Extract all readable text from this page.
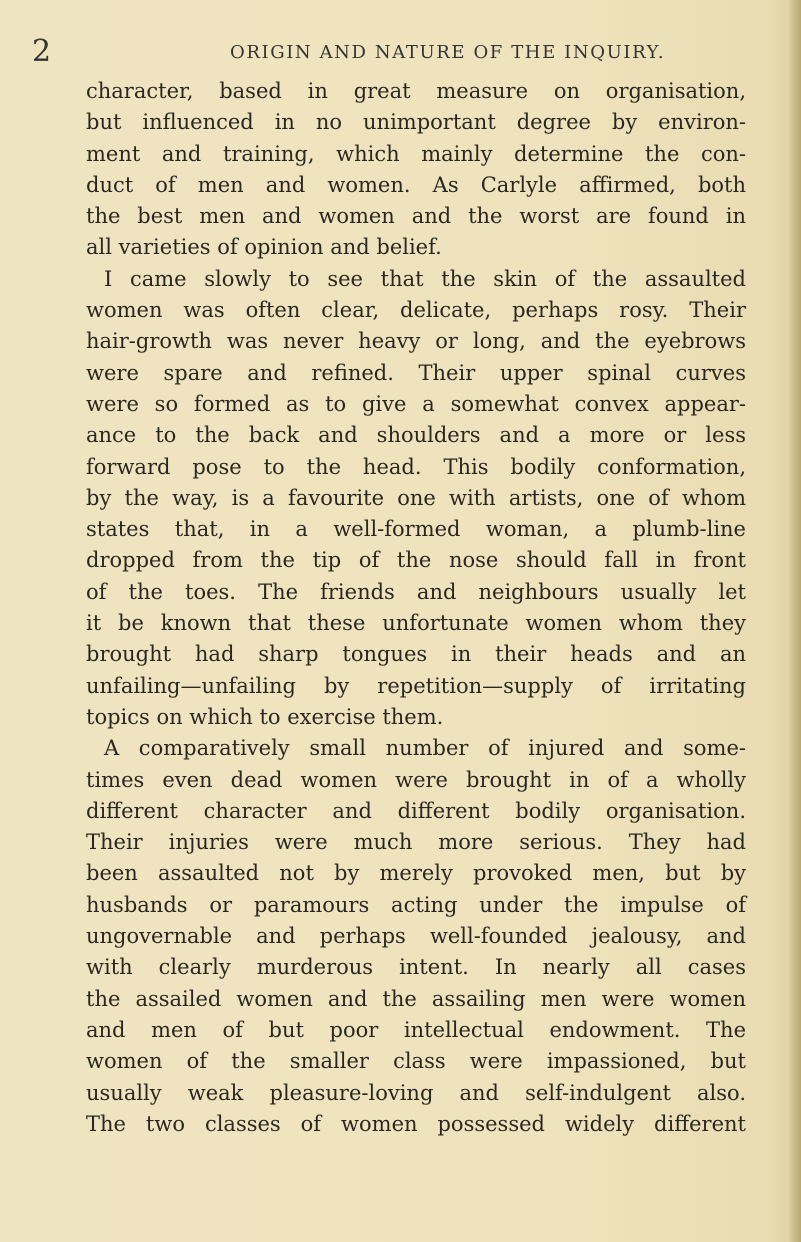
2	ORIGIN AND NATURE OF THE INQUIRY.
character, based in great measure on organisation,
but influenced in no unimportant degree by environ-
ment and training, which mainly determine the con-
duct of men and women. As Carlyle affirmed, both
the best men and women and the worst are found in
all varieties of opinion and belief.
I came slowly to see that the skin of the assaulted
women was often clear, delicate, perhaps rosy. Their
hair-growth was never heavy or long, and the eyebrows
were spare and refined. Their upper spinal curves
were so formed as to give a somewhat convex appear-
ance to the back and shoulders and a more or less
forward pose to the head. This bodily conformation,
by the way, is a favourite one with artists, one of whom
states that, in a well-formed woman, a plumb-line
dropped from the tip of the nose should fall in front
of the toes. The friends and neighbours usually let
it be known that these unfortunate women whom they
brought had sharp tongues in their heads and an
unfailing—unfailing by repetition—supply of irritating
topics on which to exercise them.
A comparatively small number of injured and some-
times even dead women were brought in of a wholly
different character and different bodily organisation.
Their injuries were much more serious. They had
been assaulted not by merely provoked men, but by
husbands or paramours acting under the impulse of
ungovernable and perhaps well-founded jealousy, and
with clearly murderous intent. In nearly all cases
the assailed women and the assailing men were women
and men of but poor intellectual endowment. The
women of the smaller class were impassioned, but
usually weak pleasure-loving and self-indulgent also.
The two classes of women possessed widely different
